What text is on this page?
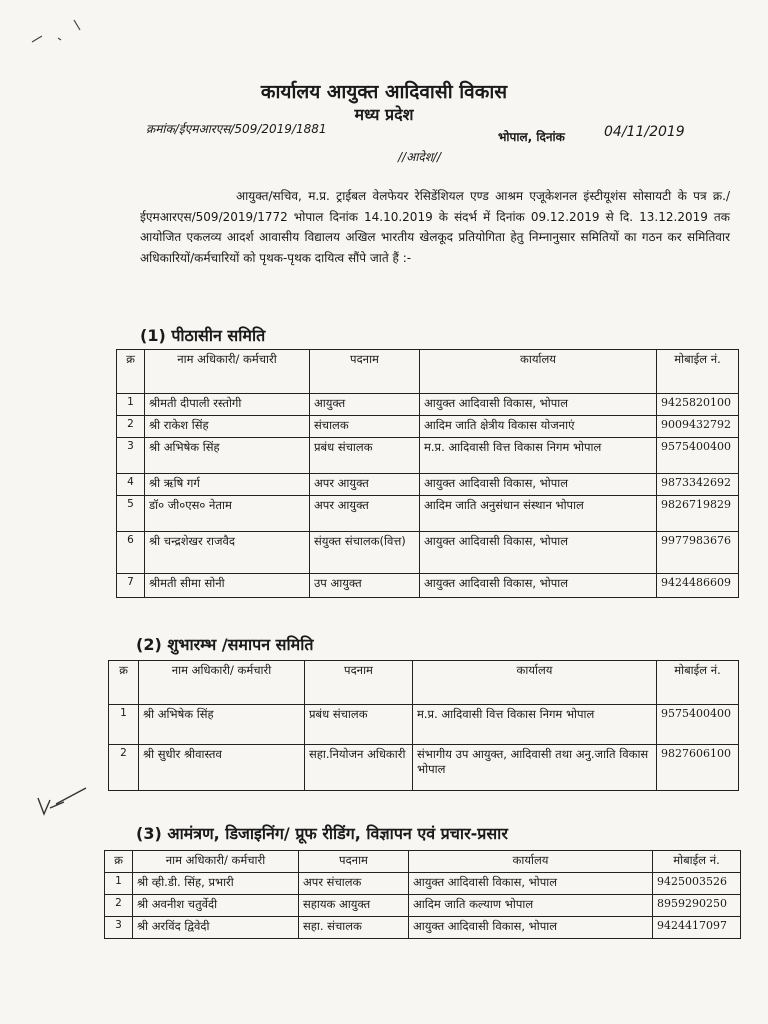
कार्यालय आयुक्त आदिवासी विकास
मध्य प्रदेश
क्रमांक/ईएमआरएस/509/2019/1881
भोपाल, दिनांक	04/11/2019
//आदेश//
आयुक्त/सचिव, म.प्र. ट्राईबल वेलफेयर रेसिडेंशियल एण्ड आश्रम एजूकेशनल इंस्टीयूशंस सोसायटी के पत्र क्र./ईएमआरएस/509/2019/1772 भोपाल दिनांक 14.10.2019 के संदर्भ में दिनांक 09.12.2019 से दि. 13.12.2019 तक आयोजित एकलव्य आदर्श आवासीय विद्यालय अखिल भारतीय खेलकूद प्रतियोगिता हेतु निम्नानुसार समितियों का गठन कर समितिवार अधिकारियों/कर्मचारियों को पृथक-पृथक दायित्व सौंपे जाते हैं :-
(1) पीठासीन समिति
क्र	नाम अधिकारी/ कर्मचारी	पदनाम	कार्यालय	मोबाईल नं.
1	श्रीमती दीपाली रस्तोगी	आयुक्त	आयुक्त आदिवासी विकास, भोपाल	9425820100
2	श्री राकेश सिंह	संचालक	आदिम जाति क्षेत्रीय विकास योजनाएं	9009432792
3	श्री अभिषेक सिंह	प्रबंध संचालक	म.प्र. आदिवासी वित्त विकास निगम भोपाल	9575400400
4	श्री ऋषि गर्ग	अपर आयुक्त	आयुक्त आदिवासी विकास, भोपाल	9873342692
5	डॉ० जी०एस० नेताम	अपर आयुक्त	आदिम जाति अनुसंधान संस्थान भोपाल	9826719829
6	श्री चन्द्रशेखर राजवैद	संयुक्त संचालक(वित्त)	आयुक्त आदिवासी विकास, भोपाल	9977983676
7	श्रीमती सीमा सोनी	उप आयुक्त	आयुक्त आदिवासी विकास, भोपाल	9424486609
(2) शुभारम्भ /समापन समिति
क्र	नाम अधिकारी/ कर्मचारी	पदनाम	कार्यालय	मोबाईल नं.
1	श्री अभिषेक सिंह	प्रबंध संचालक	म.प्र. आदिवासी वित्त विकास निगम भोपाल	9575400400
2	श्री सुधीर श्रीवास्तव	सहा.नियोजन अधिकारी	संभागीय उप आयुक्त, आदिवासी तथा अनु.जाति विकास भोपाल	9827606100
(3) आमंत्रण, डिजाइनिंग/ प्रूफ रीडिंग, विज्ञापन एवं प्रचार-प्रसार
क्र	नाम अधिकारी/ कर्मचारी	पदनाम	कार्यालय	मोबाईल नं.
1	श्री व्ही.डी. सिंह, प्रभारी	अपर संचालक	आयुक्त आदिवासी विकास, भोपाल	9425003526
2	श्री अवनीश चतुर्वेदी	सहायक आयुक्त	आदिम जाति कल्याण भोपाल	8959290250
3	श्री अरविंद द्विवेदी	सहा. संचालक	आयुक्त आदिवासी विकास, भोपाल	9424417097
